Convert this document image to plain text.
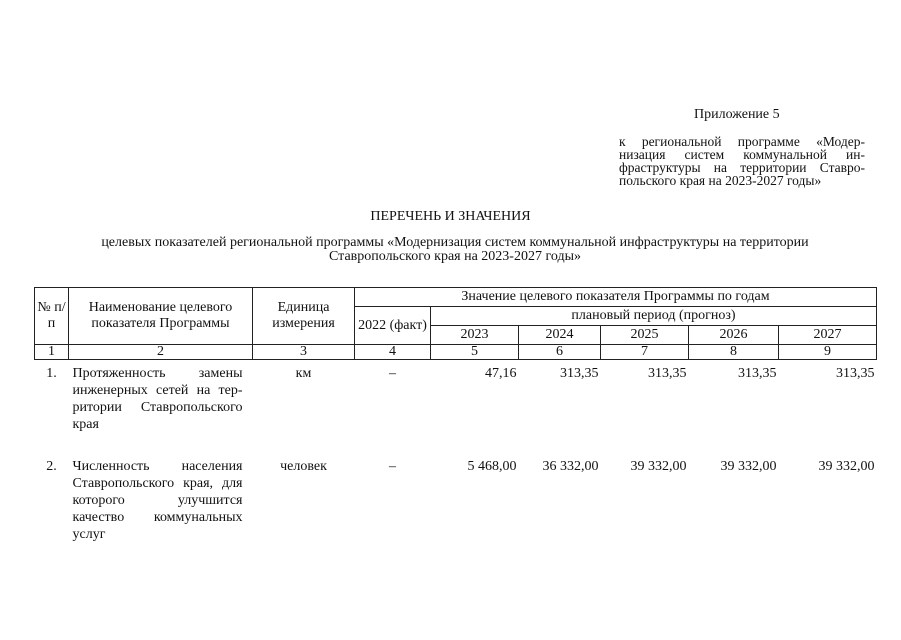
Приложение 5
к региональной программе «Модер-низация систем коммунальной ин-фраструктуры на территории Ставро-польского края на 2023-2027 годы»
ПЕРЕЧЕНЬ И ЗНАЧЕНИЯ
целевых показателей региональной программы «Модернизация систем коммунальной инфраструктуры на территории Ставропольского края на 2023-2027 годы»
№ п/п	Наименование целевого показателя Программы	Единица измерения	Значение целевого показателя Программы по годам					
			2022 (факт)	плановый период (прогноз)				
				2023	2024	2025	2026	2027
1	2	3	4	5	6	7	8	9
1.	Протяженность замены инженерных сетей на тер-ритории Ставропольского края	км	–	47,16	313,35	313,35	313,35	313,35

2.	Численность населения Ставропольского края, для которого улучшится качество коммунальных услуг	человек	–	5 468,00	36 332,00	39 332,00	39 332,00	39 332,00
